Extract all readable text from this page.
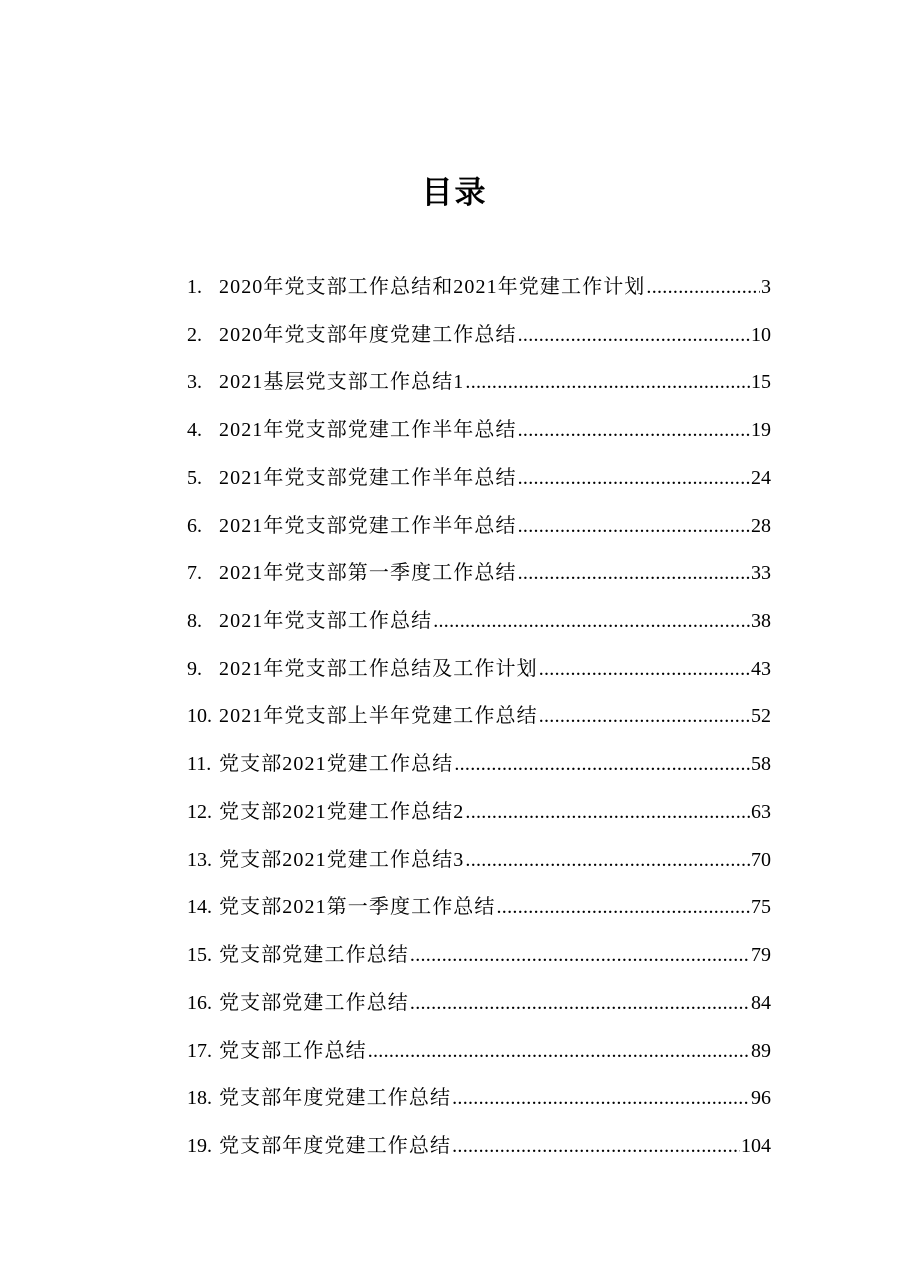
目录
1. 2020年党支部工作总结和2021年党建工作计划 .....	3
2. 2020年党支部年度党建工作总结 .....	10
3. 2021基层党支部工作总结1 .....	15
4. 2021年党支部党建工作半年总结 .....	19
5. 2021年党支部党建工作半年总结 .....	24
6. 2021年党支部党建工作半年总结 .....	28
7. 2021年党支部第一季度工作总结 .....	33
8. 2021年党支部工作总结 .....	38
9. 2021年党支部工作总结及工作计划 .....	43
10. 2021年党支部上半年党建工作总结 .....	52
11. 党支部2021党建工作总结 .....	58
12. 党支部2021党建工作总结2 .....	63
13. 党支部2021党建工作总结3 .....	70
14. 党支部2021第一季度工作总结 .....	75
15. 党支部党建工作总结 .....	79
16. 党支部党建工作总结 .....	84
17. 党支部工作总结 .....	89
18. 党支部年度党建工作总结 .....	96
19. 党支部年度党建工作总结 .....	104
